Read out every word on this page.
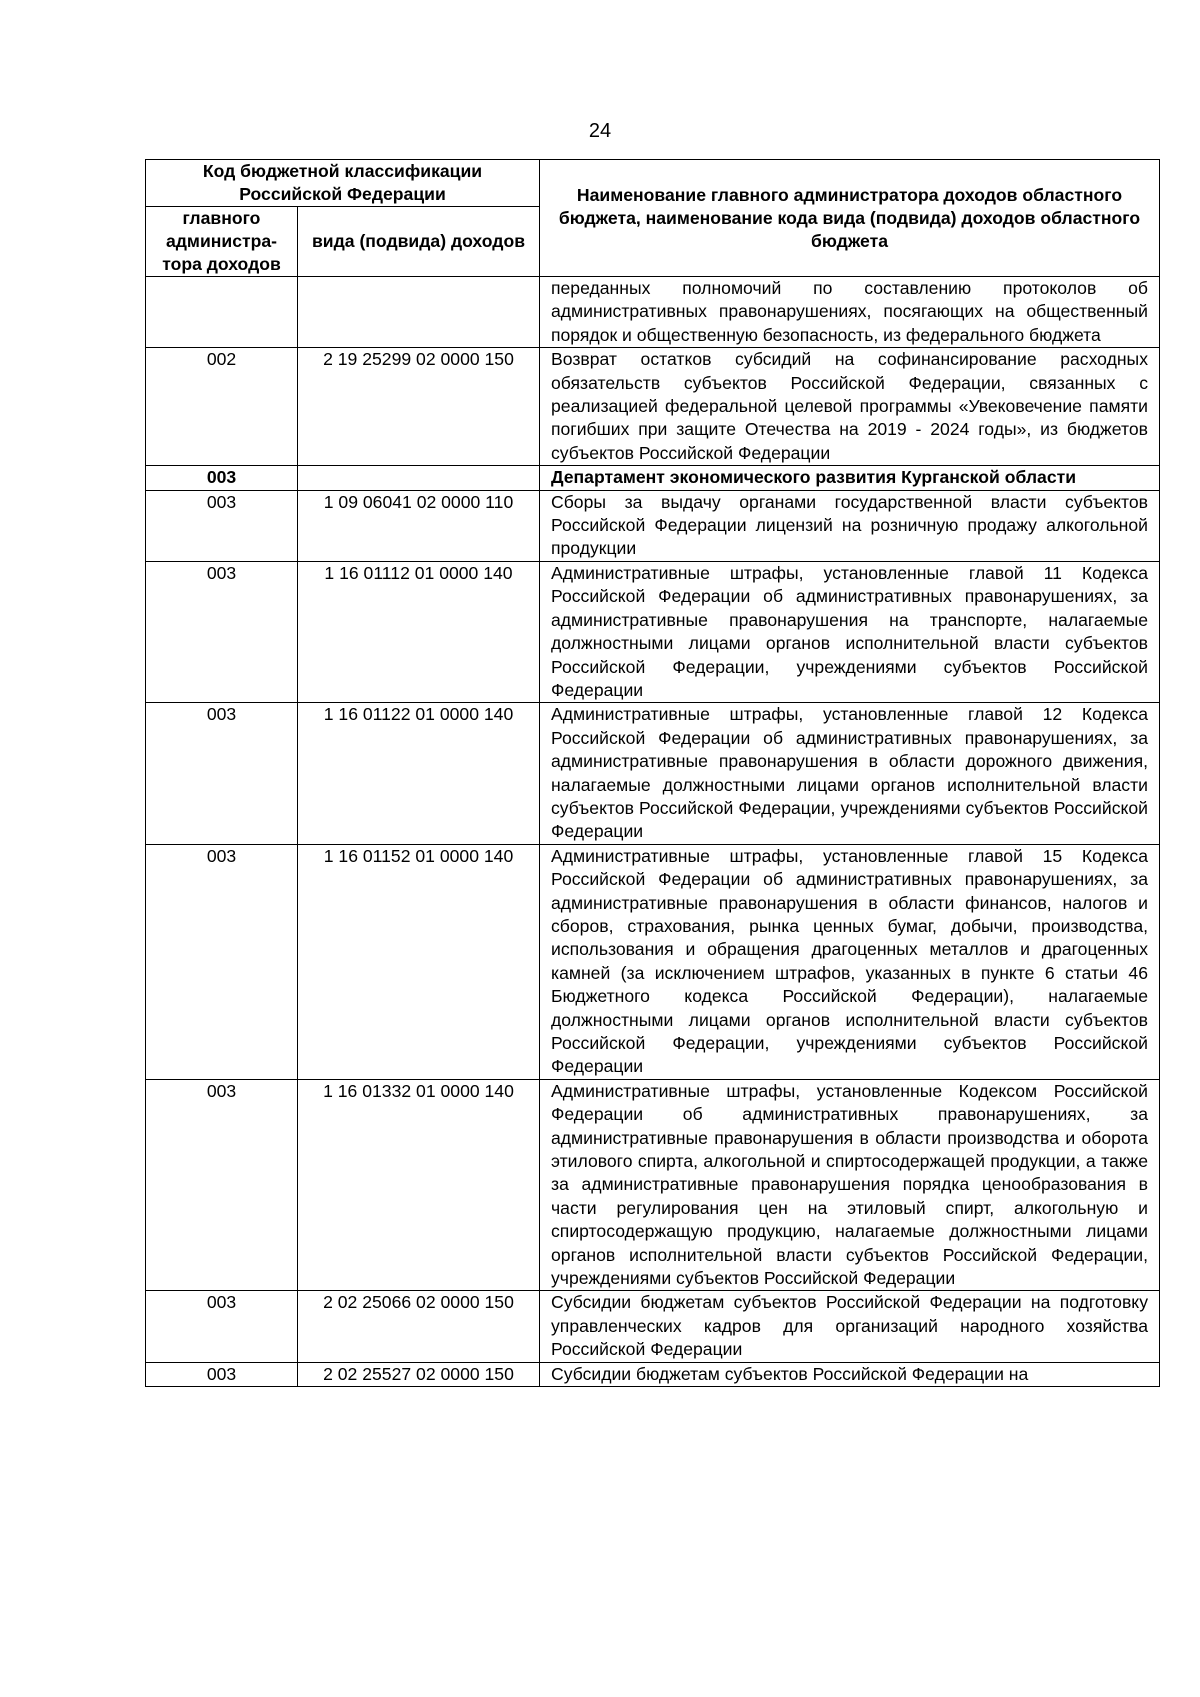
24
Код бюджетной классификации Российской Федерации		Наименование главного администратора доходов областного бюджета, наименование кода вида (подвида) доходов областного бюджета
главного администра-тора доходов	вида (подвида) доходов	
		переданных полномочий по составлению протоколов об административных правонарушениях, посягающих на общественный порядок и общественную безопасность, из федерального бюджета
002	2 19 25299 02 0000 150	Возврат остатков субсидий на софинансирование расходных обязательств субъектов Российской Федерации, связанных с реализацией федеральной целевой программы «Увековечение памяти погибших при защите Отечества на 2019 - 2024 годы», из бюджетов субъектов Российской Федерации
003		Департамент экономического развития Курганской области
003	1 09 06041 02 0000 110	Сборы за выдачу органами государственной власти субъектов Российской Федерации лицензий на розничную продажу алкогольной продукции
003	1 16 01112 01 0000 140	Административные штрафы, установленные главой 11 Кодекса Российской Федерации об административных правонарушениях, за административные правонарушения на транспорте, налагаемые должностными лицами органов исполнительной власти субъектов Российской Федерации, учреждениями субъектов Российской Федерации
003	1 16 01122 01 0000 140	Административные штрафы, установленные главой 12 Кодекса Российской Федерации об административных правонарушениях, за административные правонарушения в области дорожного движения, налагаемые должностными лицами органов исполнительной власти субъектов Российской Федерации, учреждениями субъектов Российской Федерации
003	1 16 01152 01 0000 140	Административные штрафы, установленные главой 15 Кодекса Российской Федерации об административных правонарушениях, за административные правонарушения в области финансов, налогов и сборов, страхования, рынка ценных бумаг, добычи, производства, использования и обращения драгоценных металлов и драгоценных камней (за исключением штрафов, указанных в пункте 6 статьи 46 Бюджетного кодекса Российской Федерации), налагаемые должностными лицами органов исполнительной власти субъектов Российской Федерации, учреждениями субъектов Российской Федерации
003	1 16 01332 01 0000 140	Административные штрафы, установленные Кодексом Российской Федерации об административных правонарушениях, за административные правонарушения в области производства и оборота этилового спирта, алкогольной и спиртосодержащей продукции, а также за административные правонарушения порядка ценообразования в части регулирования цен на этиловый спирт, алкогольную и спиртосодержащую продукцию, налагаемые должностными лицами органов исполнительной власти субъектов Российской Федерации, учреждениями субъектов Российской Федерации
003	2 02 25066 02 0000 150	Субсидии бюджетам субъектов Российской Федерации на подготовку управленческих кадров для организаций народного хозяйства Российской Федерации
003	2 02 25527 02 0000 150	Субсидии бюджетам субъектов Российской Федерации на
